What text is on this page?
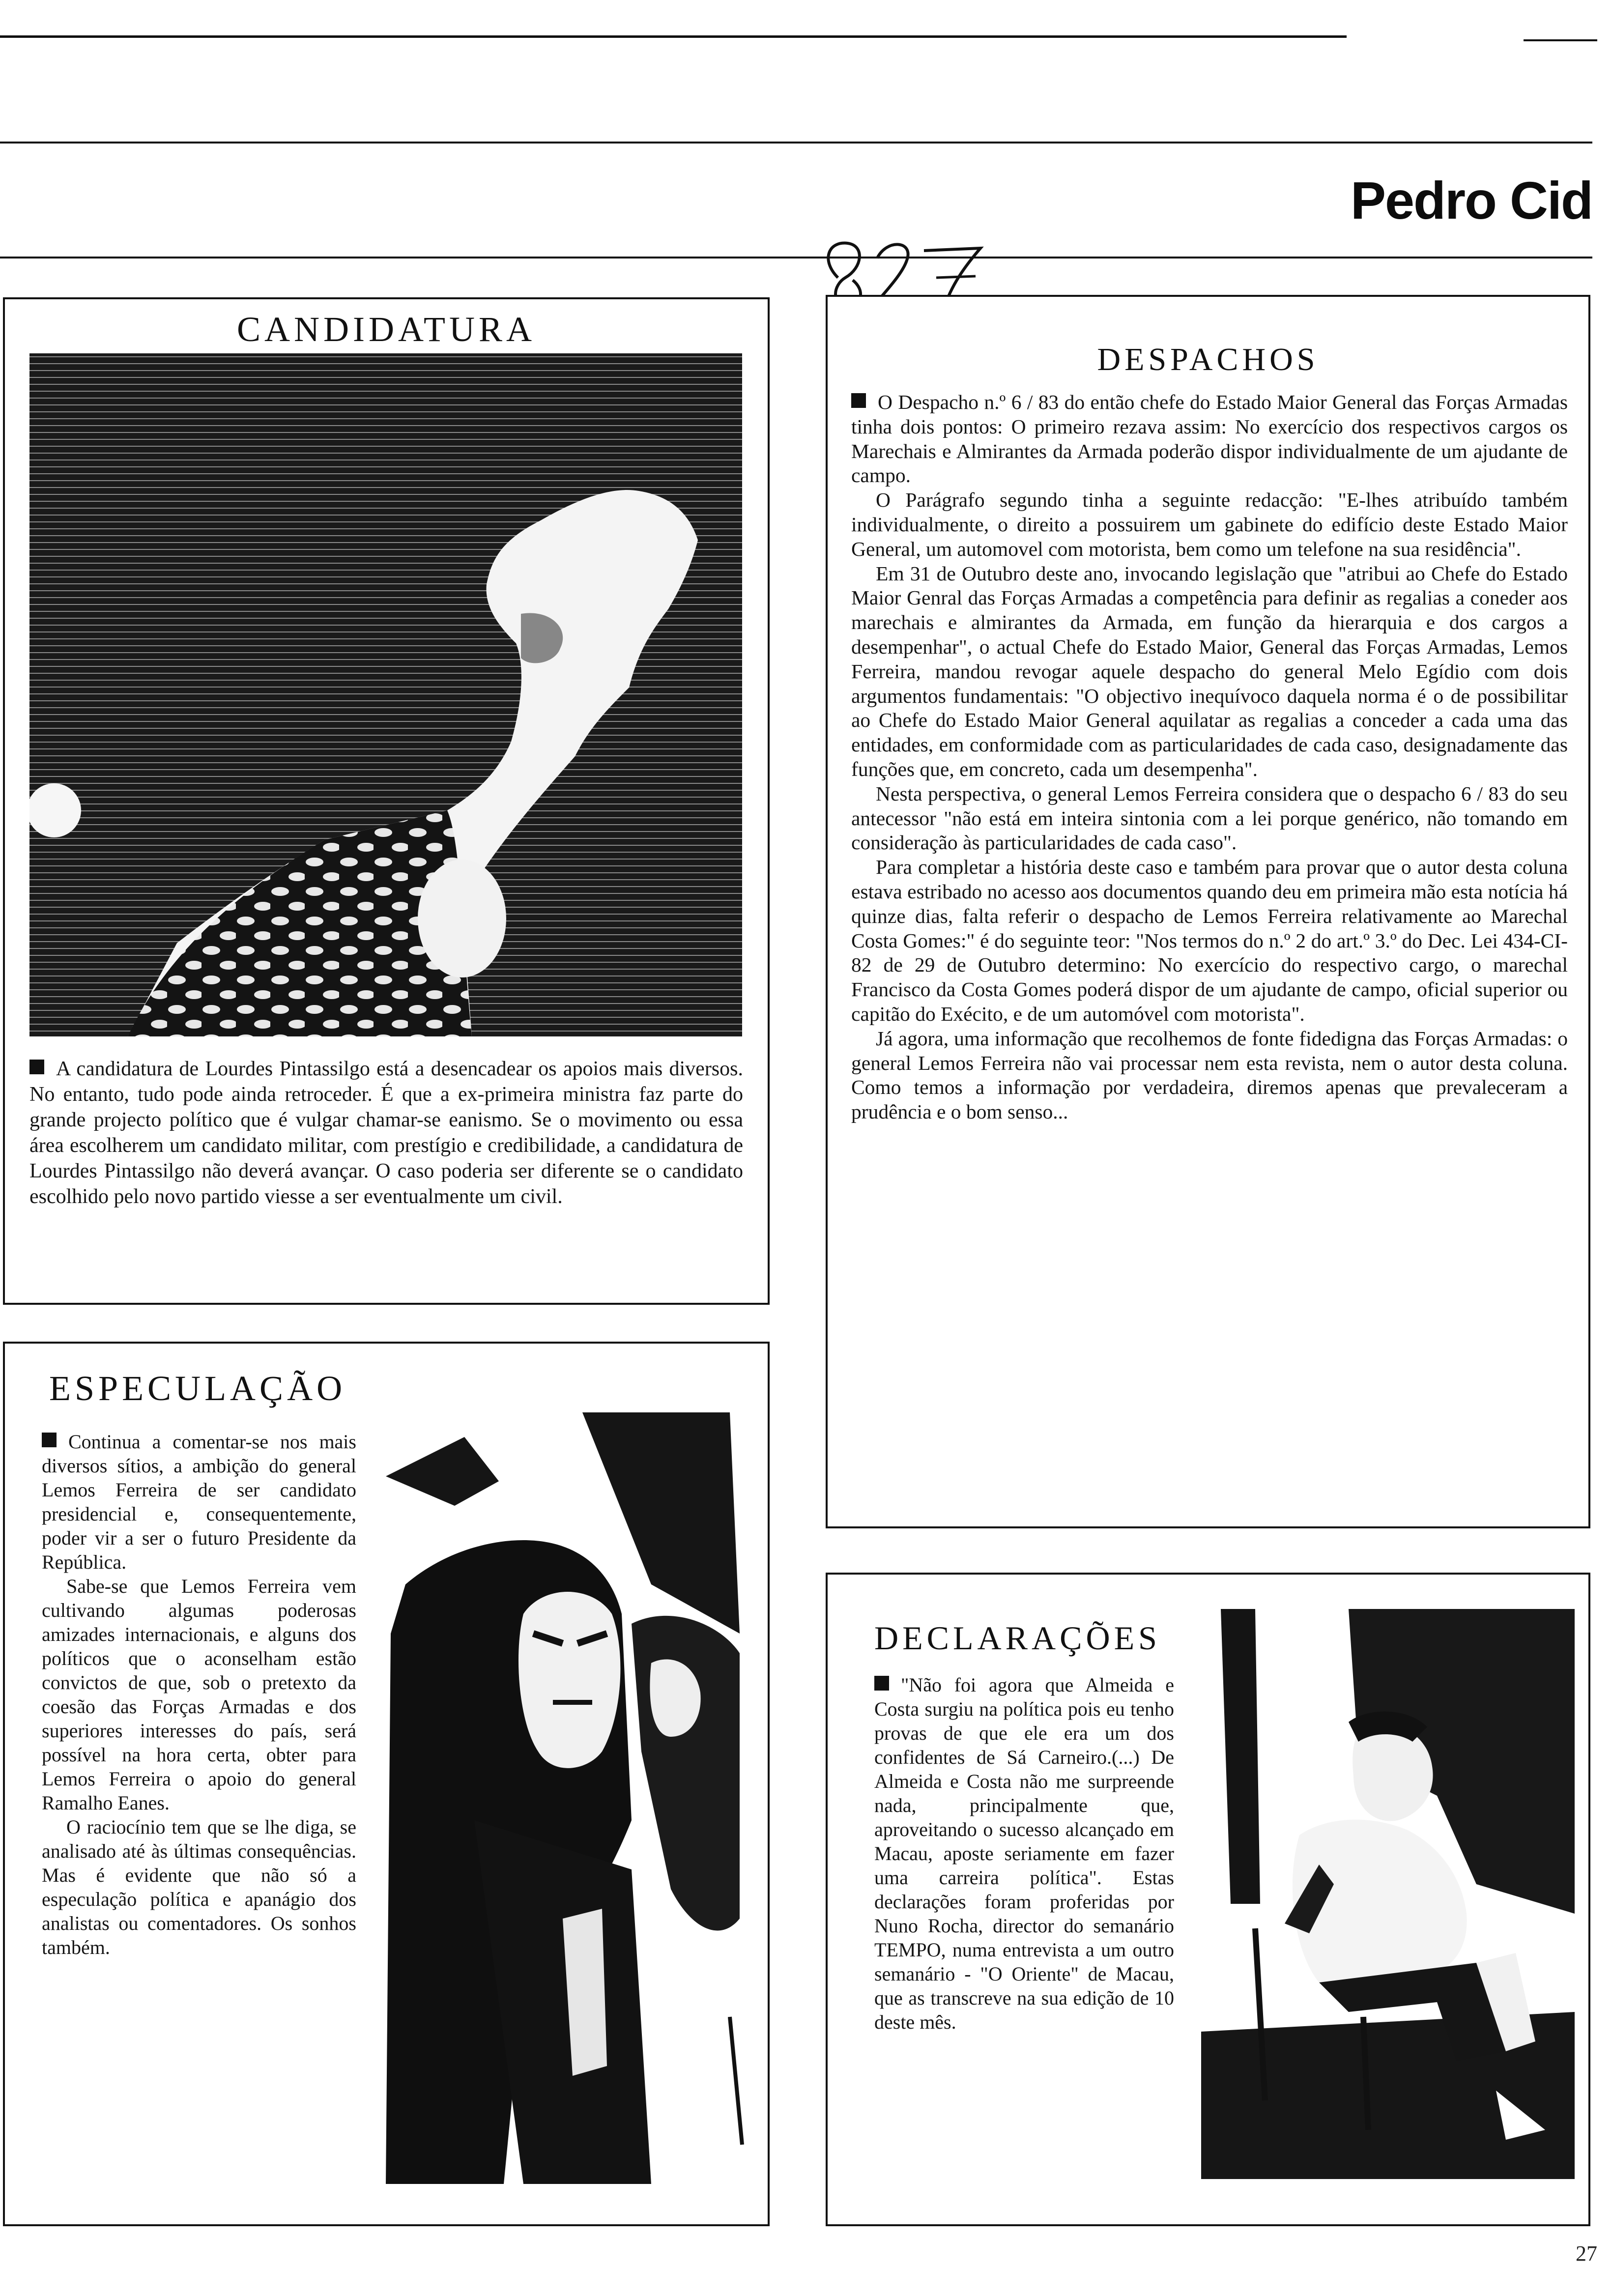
Pedro Cid
CANDIDATURA

A candidatura de Lourdes Pintassilgo está a desencadear os apoios mais diversos. No entanto, tudo pode ainda retroceder. É que a ex-primeira ministra faz parte do grande projecto político que é vulgar chamar-se eanismo. Se o movimento ou essa área escolherem um candidato militar, com prestígio e credibilidade, a candidatura de Lourdes Pintassilgo não deverá avançar. O caso poderia ser diferente se o candidato escolhido pelo novo partido viesse a ser eventualmente um civil.

ESPECULAÇÃO

Continua a comentar-se nos mais diversos sítios, a ambição do general Lemos Ferreira de ser candidato presidencial e, consequentemente, poder vir a ser o futuro Presidente da República.

Sabe-se que Lemos Ferreira vem cultivando algumas poderosas amizades internacionais, e alguns dos políticos que o aconselham estão convictos de que, sob o pretexto da coesão das Forças Armadas e dos superiores interesses do país, será possível na hora certa, obter para Lemos Ferreira o apoio do general Ramalho Eanes.

O raciocínio tem que se lhe diga, se analisado até às últimas consequências. Mas é evidente que não só a especulação política e apanágio dos analistas ou comentadores. Os sonhos também.

DESPACHOS

O Despacho n.º 6 / 83 do então chefe do Estado Maior General das Forças Armadas tinha dois pontos: O primeiro rezava assim: No exercício dos respectivos cargos os Marechais e Almirantes da Armada poderão dispor individualmente de um ajudante de campo.

O Parágrafo segundo tinha a seguinte redacção: "E-lhes atribuído também individualmente, o direito a possuirem um gabinete do edifício deste Estado Maior General, um automovel com motorista, bem como um telefone na sua residência".

Em 31 de Outubro deste ano, invocando legislação que "atribui ao Chefe do Estado Maior Genral das Forças Armadas a competência para definir as regalias a coneder aos marechais e almirantes da Armada, em função da hierarquia e dos cargos a desempenhar", o actual Chefe do Estado Maior, General das Forças Armadas, Lemos Ferreira, mandou revogar aquele despacho do general Melo Egídio com dois argumentos fundamentais: "O objectivo inequívoco daquela norma é o de possibilitar ao Chefe do Estado Maior General aquilatar as regalias a conceder a cada uma das entidades, em conformidade com as particularidades de cada caso, designadamente das funções que, em concreto, cada um desempenha".

Nesta perspectiva, o general Lemos Ferreira considera que o despacho 6 / 83 do seu antecessor "não está em inteira sintonia com a lei porque genérico, não tomando em consideração às particularidades de cada caso".

Para completar a história deste caso e também para provar que o autor desta coluna estava estribado no acesso aos documentos quando deu em primeira mão esta notícia há quinze dias, falta referir o despacho de Lemos Ferreira relativamente ao Marechal Costa Gomes:" é do seguinte teor: "Nos termos do n.º 2 do art.º 3.º do Dec. Lei 434-CI-82 de 29 de Outubro determino: No exercício do respectivo cargo, o marechal Francisco da Costa Gomes poderá dispor de um ajudante de campo, oficial superior ou capitão do Exécito, e de um automóvel com motorista".

Já agora, uma informação que recolhemos de fonte fidedigna das Forças Armadas: o general Lemos Ferreira não vai processar nem esta revista, nem o autor desta coluna. Como temos a informação por verdadeira, diremos apenas que prevaleceram a prudência e o bom senso...

DECLARAÇÕES

"Não foi agora que Almeida e Costa surgiu na política pois eu tenho provas de que ele era um dos confidentes de Sá Carneiro.(...) De Almeida e Costa não me surpreende nada, principalmente que, aproveitando o sucesso alcançado em Macau, aposte seriamente em fazer uma carreira política". Estas declarações foram proferidas por Nuno Rocha, director do semanário TEMPO, numa entrevista a um outro semanário - "O Oriente" de Macau, que as transcreve na sua edição de 10 deste mês.

27
